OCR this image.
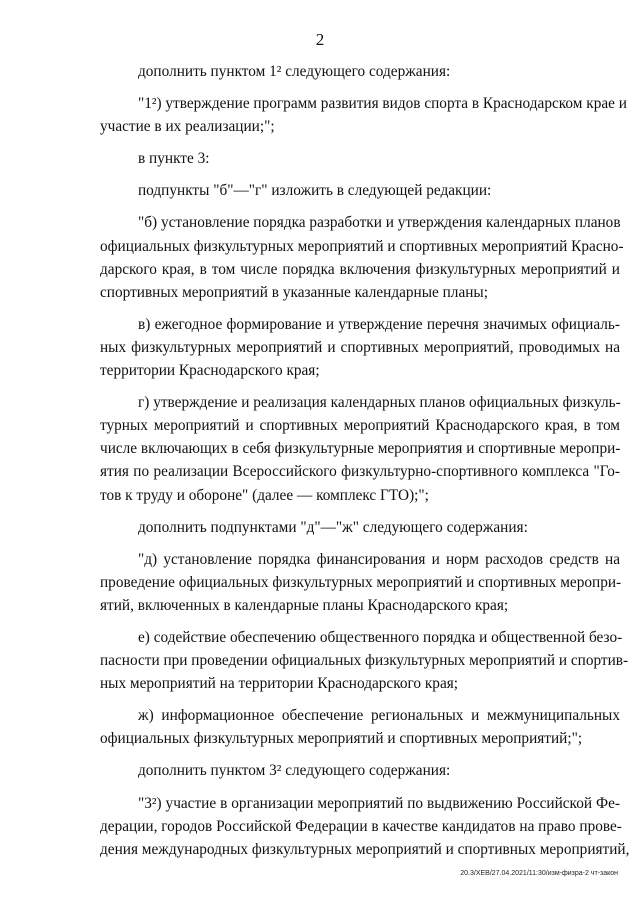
2
дополнить пунктом 1² следующего содержания:
"1²) утверждение программ развития видов спорта в Краснодарском крае и
участие в их реализации;";
в пункте 3:
подпункты "б"—"г" изложить в следующей редакции:
"б) установление порядка разработки и утверждения календарных планов
официальных физкультурных мероприятий и спортивных мероприятий Красно-
дарского края, в том числе порядка включения физкультурных мероприятий и
спортивных мероприятий в указанные календарные планы;
в) ежегодное формирование и утверждение перечня значимых официаль-
ных физкультурных мероприятий и спортивных мероприятий, проводимых на
территории Краснодарского края;
г) утверждение и реализация календарных планов официальных физкуль-
турных мероприятий и спортивных мероприятий Краснодарского края, в том
числе включающих в себя физкультурные мероприятия и спортивные меропри-
ятия по реализации Всероссийского физкультурно-спортивного комплекса "Го-
тов к труду и обороне" (далее — комплекс ГТО);";
дополнить подпунктами "д"—"ж" следующего содержания:
"д) установление порядка финансирования и норм расходов средств на
проведение официальных физкультурных мероприятий и спортивных меропри-
ятий, включенных в календарные планы Краснодарского края;
е) содействие обеспечению общественного порядка и общественной безо-
пасности при проведении официальных физкультурных мероприятий и спортив-
ных мероприятий на территории Краснодарского края;
ж) информационное обеспечение региональных и межмуниципальных
официальных физкультурных мероприятий и спортивных мероприятий;";
дополнить пунктом 3² следующего содержания:
"3²) участие в организации мероприятий по выдвижению Российской Фе-
дерации, городов Российской Федерации в качестве кандидатов на право прове-
дения международных физкультурных мероприятий и спортивных мероприятий,
20.3/ХЕВ/27.04.2021/11:30/изм-физра-2 чт-закон
